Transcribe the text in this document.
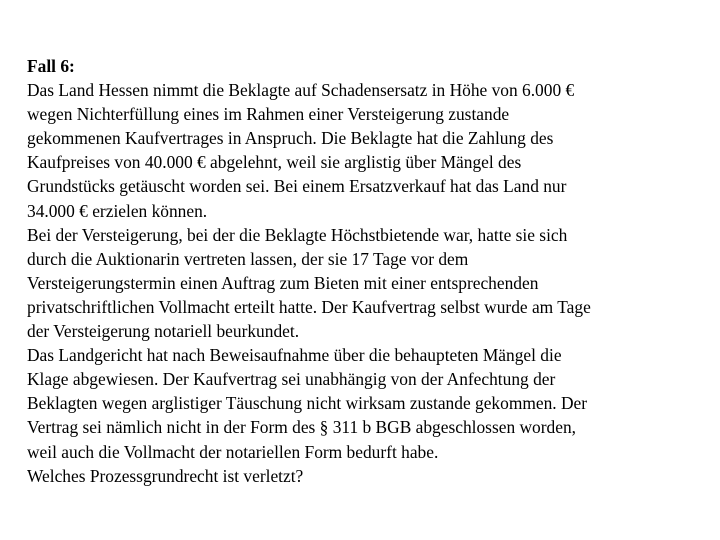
Fall 6:
Das Land Hessen nimmt die Beklagte auf Schadensersatz in Höhe von 6.000 €
wegen Nichterfüllung eines im Rahmen einer Versteigerung zustande
gekommenen Kaufvertrages in Anspruch. Die Beklagte hat die Zahlung des
Kaufpreises von 40.000 € abgelehnt, weil sie arglistig über Mängel des
Grundstücks getäuscht worden sei. Bei einem Ersatzverkauf hat das Land nur
34.000 € erzielen können.
Bei der Versteigerung, bei der die Beklagte Höchstbietende war, hatte sie sich
durch die Auktionarin vertreten lassen, der sie 17 Tage vor dem
Versteigerungstermin einen Auftrag zum Bieten mit einer entsprechenden
privatschriftlichen Vollmacht erteilt hatte. Der Kaufvertrag selbst wurde am Tage
der Versteigerung notariell beurkundet.
Das Landgericht hat nach Beweisaufnahme über die behaupteten Mängel die
Klage abgewiesen. Der Kaufvertrag sei unabhängig von der Anfechtung der
Beklagten wegen arglistiger Täuschung nicht wirksam zustande gekommen. Der
Vertrag sei nämlich nicht in der Form des § 311 b BGB abgeschlossen worden,
weil auch die Vollmacht der notariellen Form bedurft habe.
Welches Prozessgrundrecht ist verletzt?
